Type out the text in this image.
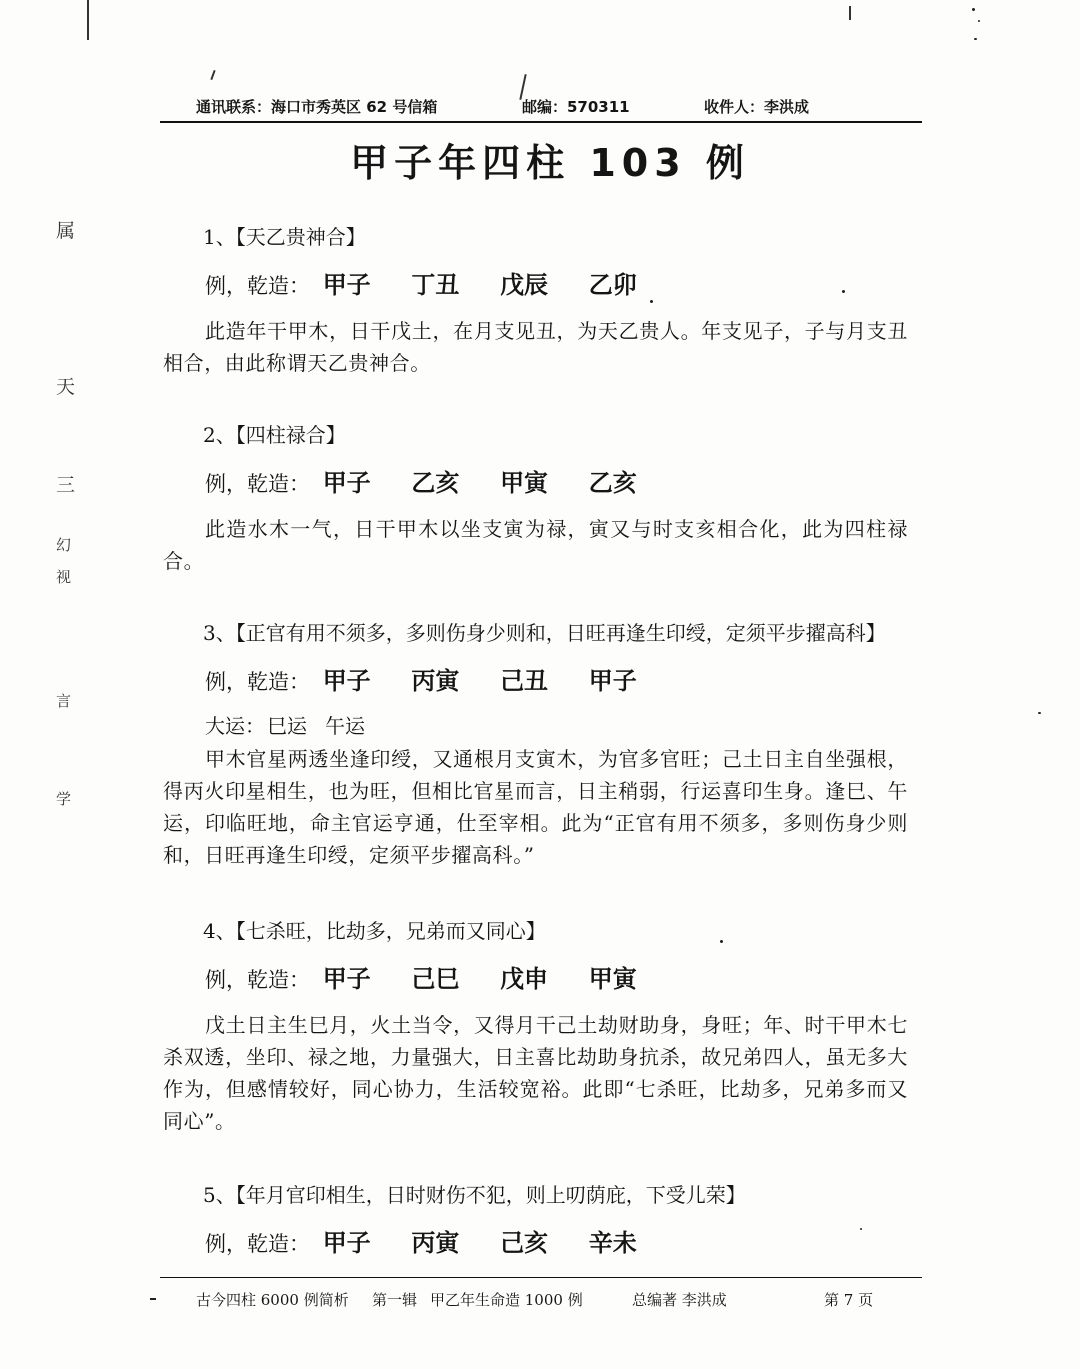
属
天
三
幻
视
言
学
通讯联系：海口市秀英区 62 号信箱	邮编：570311	收件人：李洪成
甲子年四柱 103 例
1、【天乙贵神合】
例，乾造： 甲子 丁丑 戊辰 乙卯
此造年干甲木，日干戊土，在月支见丑，为天乙贵人。年支见子，子与月支丑相合，由此称谓天乙贵神合。
2、【四柱禄合】
例，乾造： 甲子 乙亥 甲寅 乙亥
此造水木一气，日干甲木以坐支寅为禄，寅又与时支亥相合化，此为四柱禄合。
3、【正官有用不须多，多则伤身少则和，日旺再逢生印绶，定须平步擢高科】
例，乾造： 甲子 丙寅 己丑 甲子
大运： 巳运 午运
甲木官星两透坐逢印绶，又通根月支寅木，为官多官旺；己土日主自坐强根，得丙火印星相生，也为旺，但相比官星而言，日主稍弱，行运喜印生身。逢巳、午运，印临旺地，命主官运亨通，仕至宰相。此为“正官有用不须多，多则伤身少则和，日旺再逢生印绶，定须平步擢高科。”
4、【七杀旺，比劫多，兄弟而又同心】
例，乾造： 甲子 己巳 戊申 甲寅
戊土日主生巳月，火土当令，又得月干己土劫财助身，身旺；年、时干甲木七杀双透，坐印、禄之地，力量强大，日主喜比劫助身抗杀，故兄弟四人，虽无多大作为，但感情较好，同心协力，生活较宽裕。此即“七杀旺，比劫多，兄弟多而又同心”。
5、【年月官印相生，日时财伤不犯，则上叨荫庇，下受儿荣】
例，乾造： 甲子 丙寅 己亥 辛未
古今四柱 6000 例简析 第一辑 甲乙年生命造 1000 例	总编著 李洪成	第 7 页
